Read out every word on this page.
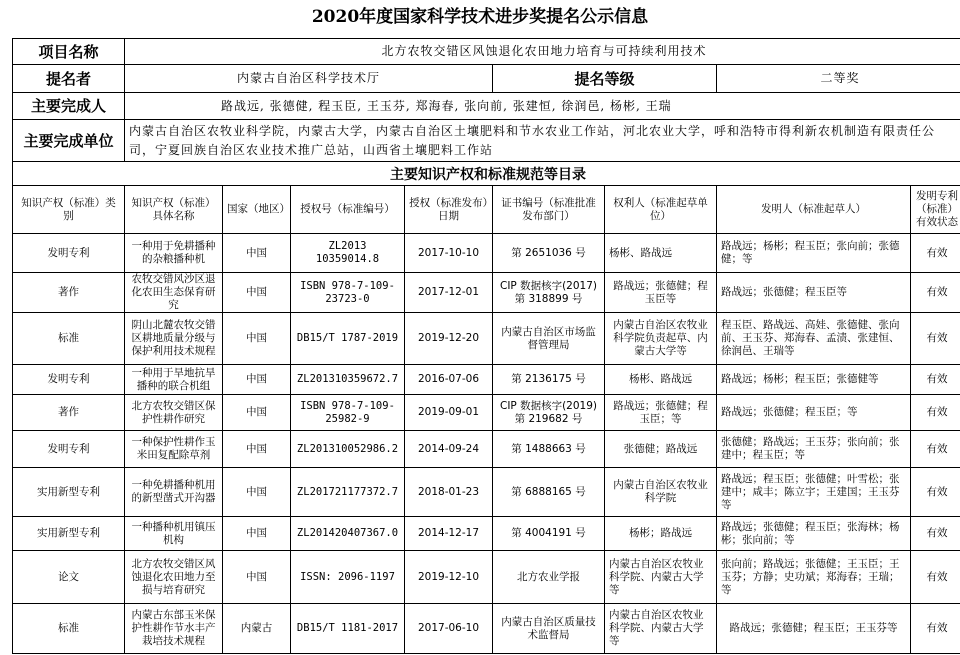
2020年度国家科学技术进步奖提名公示信息
项目名称	北方农牧交错区风蚀退化农田地力培育与可持续利用技术							
提名者	内蒙古自治区科学技术厅				提名等级		二等奖	
主要完成人	路战远, 张德健, 程玉臣, 王玉芬, 郑海春, 张向前, 张建恒, 徐润邑, 杨彬, 王瑞							
主要完成单位	内蒙古自治区农牧业科学院，内蒙古大学，内蒙古自治区土壤肥料和节水农业工作站，河北农业大学，呼和浩特市得利新农机制造有限责任公司，宁夏回族自治区农业技术推广总站，山西省土壤肥料工作站							
主要知识产权和标准规范等目录								
知识产权（标准）类别	知识产权（标准）具体名称	国家（地区）	授权号（标准编号）	授权（标准发布）日期	证书编号（标准批准发布部门）	权利人（标准起草单位）	发明人（标准起草人）	发明专利（标准）有效状态
发明专利	一种用于免耕播种的杂粮播种机	中国	ZL2013 10359014.8	2017-10-10	第 2651036 号	杨彬、路战远	路战远；杨彬；程玉臣；张向前；张德健；等	有效
著作	农牧交错风沙区退化农田生态保育研究	中国	ISBN 978-7-109-23723-0	2017-12-01	CIP 数据核字(2017) 第 318899 号	路战远；张德健；程玉臣等	路战远；张德健；程玉臣等	有效
标准	阴山北麓农牧交错区耕地质量分级与保护利用技术规程	中国	DB15/T 1787-2019	2019-12-20	内蒙古自治区市场监督管理局	内蒙古自治区农牧业科学院负责起草、内蒙古大学等	程玉臣、路战远、高娃、张德健、张向前、王玉芬、郑海春、孟渍、张建恒、徐润邑、王瑞等	有效
发明专利	一种用于旱地抗旱播种的联合机组	中国	ZL201310359672.7	2016-07-06	第 2136175 号	杨彬、路战远	路战远；杨彬；程玉臣；张德健等	有效
著作	北方农牧交错区保护性耕作研究	中国	ISBN 978-7-109-25982-9	2019-09-01	CIP 数据核字(2019) 第 219682 号	路战远；张德健；程玉臣；等	路战远；张德健；程玉臣；等	有效
发明专利	一种保护性耕作玉米田复配除草剂	中国	ZL201310052986.2	2014-09-24	第 1488663 号	张德健；路战远	张德健；路战远；王玉芬；张向前；张建中；程玉臣；等	有效
实用新型专利	一种免耕播种机用的新型凿式开沟器	中国	ZL201721177372.7	2018-01-23	第 6888165 号	内蒙古自治区农牧业科学院	路战远；程玉臣；张德健；叶雪松；张建中；咸丰；陈立宇；王建国；王玉芬等	有效
实用新型专利	一种播种机用镇压机构	中国	ZL201420407367.0	2014-12-17	第 4004191 号	杨彬；路战远	路战远；张德健；程玉臣；张海林；杨彬；张向前；等	有效
论文	北方农牧交错区风蚀退化农田地力至损与培育研究	中国	ISSN: 2096-1197	2019-12-10	北方农业学报	内蒙古自治区农牧业科学院、内蒙古大学等	张向前；路战远；张德健；王玉臣；王玉芬；方静；史功斌；郑海春；王瑞；等	有效
标准	内蒙古东部玉米保护性耕作节水丰产栽培技术规程	内蒙古	DB15/T 1181-2017	2017-06-10	内蒙古自治区质量技术监督局	内蒙古自治区农牧业科学院、内蒙古大学等	路战远；张德健；程玉臣；王玉芬等	有效
